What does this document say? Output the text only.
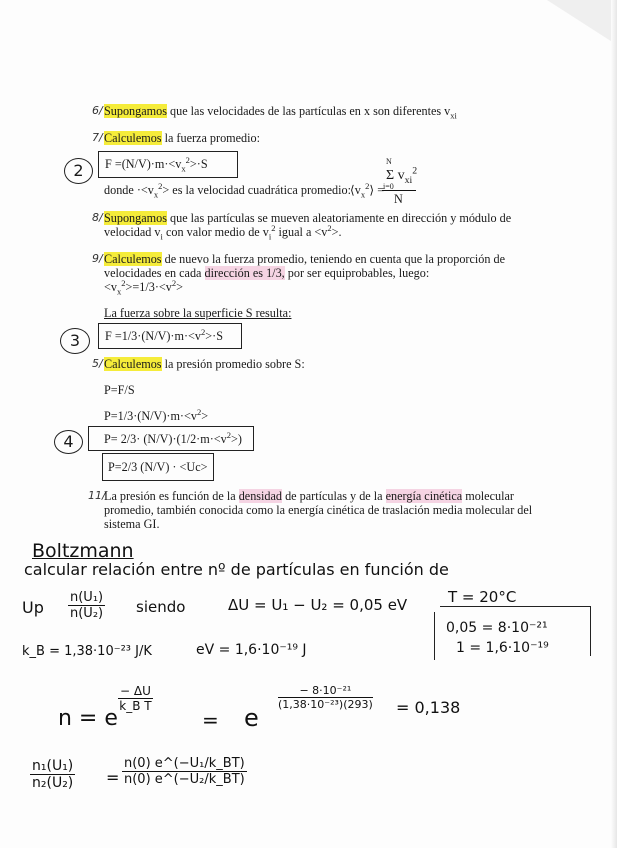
6/ Supongamos que las velocidades de las partículas en x son diferentes $v_{xi}$
7/ Calculemos la fuerza promedio:
2	$F =(N/V)\cdot m\cdot<v_x^2>\cdot S$
donde $\cdot<v_x^2>$ es la velocidad cuadrática promedio: $⟨v_x^2⟩$ =
N
Σ $v_{xi}^2$
i=0
N
8/ Supongamos que las partículas se mueven aleatoriamente en dirección y módulo de
velocidad $v_i$ con valor medio de $v_i^2$ igual $a <v^2>$.
9/ Calculemos de nuevo la fuerza promedio, teniendo en cuenta que la proporción de
velocidades en cada dirección es 1/3, por ser equiprobables, luego:
$<v_x^2>=1/3\cdot<v^2>$
La fuerza sobre la superficie S resulta:
3	$F =1/3\cdot(N/V)\cdot m\cdot<v^2>\cdot S$
5/ Calculemos la presión promedio sobre S:
P=F/S
$P=1/3\cdot(N/V)\cdot m\cdot<v^2>$
4	$P= 2/3\cdot (N/V)\cdot(1/2\cdot m\cdot<v^2>)$
P=2/3 (N/V) · <Uc>
11/
La presión es función de la densidad de partículas y de la energía cinética molecular
promedio, también conocida como la energía cinética de traslación media molecular del
sistema GI.
Boltzmann
calcular relación entre nº de partículas en función de
Up $\frac{\text{n(U₁)}}{\text{n(U₂)}}$ siendo	ΔU = U₁ − U₂ = 0,05 eV	T = 20°C
0,05 = 8·10⁻²¹
1 = 1,6·10⁻¹⁹
k_B = 1,38·10⁻²³ J/K	eV = 1,6·10⁻¹⁹ J
n = e
$\frac{- \Delta U}{\text{k\_B T}}$
= e
$\frac{\text{− 8·10⁻²¹}}{\text{(1,38·10⁻²³)(293)}} = 0,138$
$\frac{\text{n₁(U₁)}}{\text{n₂(U₂)}} = \frac{\text{n(0) e\textasciicircum{}(−U₁/k\_BT)}}{\text{n(0) e\textasciicircum{}(−U₂/k\_BT)}}$
